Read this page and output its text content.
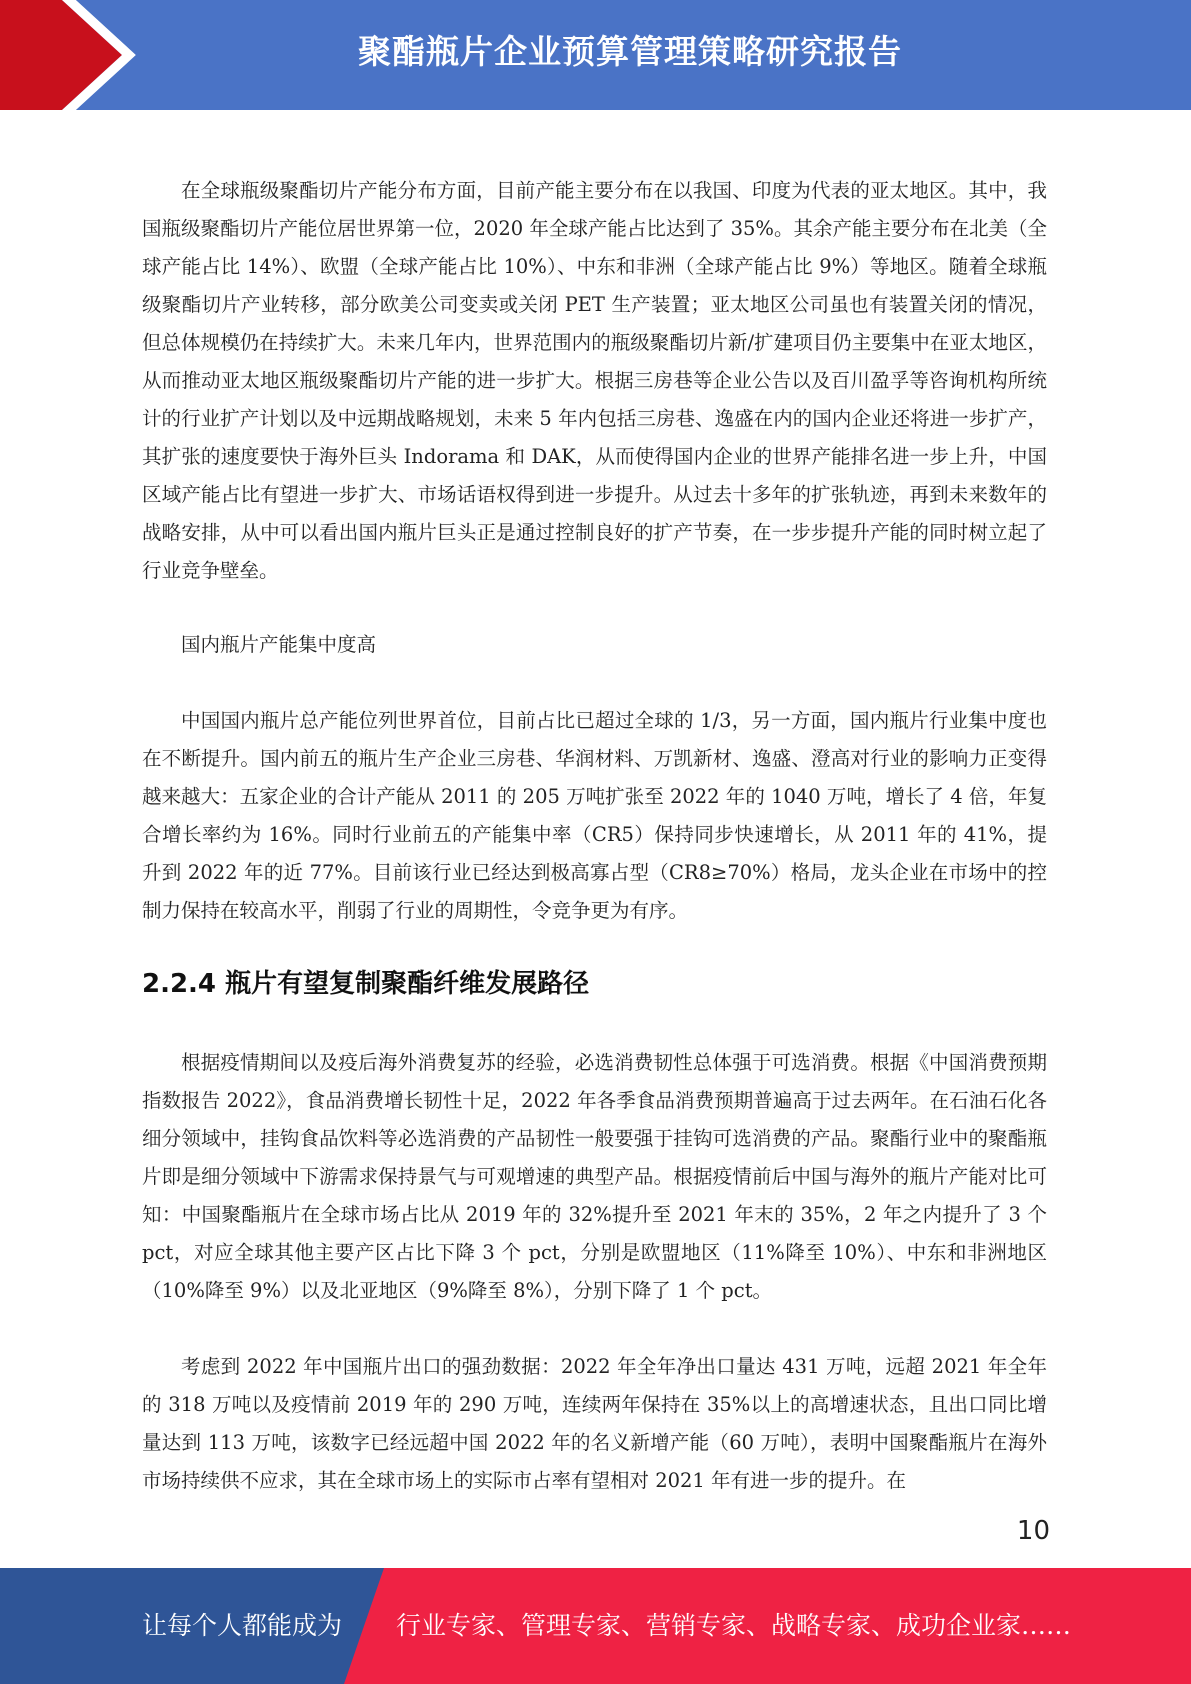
聚酯瓶片企业预算管理策略研究报告

在全球瓶级聚酯切片产能分布方面，目前产能主要分布在以我国、印度为代表的亚太地区。其中，我国瓶级聚酯切片产能位居世界第一位，2020 年全球产能占比达到了 35%。其余产能主要分布在北美（全球产能占比 14%）、欧盟（全球产能占比 10%）、中东和非洲（全球产能占比 9%）等地区。随着全球瓶级聚酯切片产业转移，部分欧美公司变卖或关闭 PET 生产装置；亚太地区公司虽也有装置关闭的情况，但总体规模仍在持续扩大。未来几年内，世界范围内的瓶级聚酯切片新/扩建项目仍主要集中在亚太地区，从而推动亚太地区瓶级聚酯切片产能的进一步扩大。根据三房巷等企业公告以及百川盈孚等咨询机构所统计的行业扩产计划以及中远期战略规划，未来 5 年内包括三房巷、逸盛在内的国内企业还将进一步扩产，其扩张的速度要快于海外巨头 Indorama 和 DAK，从而使得国内企业的世界产能排名进一步上升，中国区域产能占比有望进一步扩大、市场话语权得到进一步提升。从过去十多年的扩张轨迹，再到未来数年的战略安排，从中可以看出国内瓶片巨头正是通过控制良好的扩产节奏，在一步步提升产能的同时树立起了行业竞争壁垒。

国内瓶片产能集中度高

中国国内瓶片总产能位列世界首位，目前占比已超过全球的 1/3，另一方面，国内瓶片行业集中度也在不断提升。国内前五的瓶片生产企业三房巷、华润材料、万凯新材、逸盛、澄高对行业的影响力正变得越来越大：五家企业的合计产能从 2011 的 205 万吨扩张至 2022 年的 1040 万吨，增长了 4 倍，年复合增长率约为 16%。同时行业前五的产能集中率（CR5）保持同步快速增长，从 2011 年的 41%，提升到 2022 年的近 77%。目前该行业已经达到极高寡占型（CR8≥70%）格局，龙头企业在市场中的控制力保持在较高水平，削弱了行业的周期性，令竞争更为有序。

2.2.4 瓶片有望复制聚酯纤维发展路径

根据疫情期间以及疫后海外消费复苏的经验，必选消费韧性总体强于可选消费。根据《中国消费预期指数报告 2022》，食品消费增长韧性十足，2022 年各季食品消费预期普遍高于过去两年。在石油石化各细分领域中，挂钩食品饮料等必选消费的产品韧性一般要强于挂钩可选消费的产品。聚酯行业中的聚酯瓶片即是细分领域中下游需求保持景气与可观增速的典型产品。根据疫情前后中国与海外的瓶片产能对比可知：中国聚酯瓶片在全球市场占比从 2019 年的 32%提升至 2021 年末的 35%，2 年之内提升了 3 个 pct，对应全球其他主要产区占比下降 3 个 pct，分别是欧盟地区（11%降至 10%）、中东和非洲地区（10%降至 9%）以及北亚地区（9%降至 8%），分别下降了 1 个 pct。

考虑到 2022 年中国瓶片出口的强劲数据：2022 年全年净出口量达 431 万吨，远超 2021 年全年的 318 万吨以及疫情前 2019 年的 290 万吨，连续两年保持在 35%以上的高增速状态，且出口同比增量达到 113 万吨，该数字已经远超中国 2022 年的名义新增产能（60 万吨），表明中国聚酯瓶片在海外市场持续供不应求，其在全球市场上的实际市占率有望相对 2021 年有进一步的提升。在

10
让每个人都能成为 行业专家、管理专家、营销专家、战略专家、成功企业家……
